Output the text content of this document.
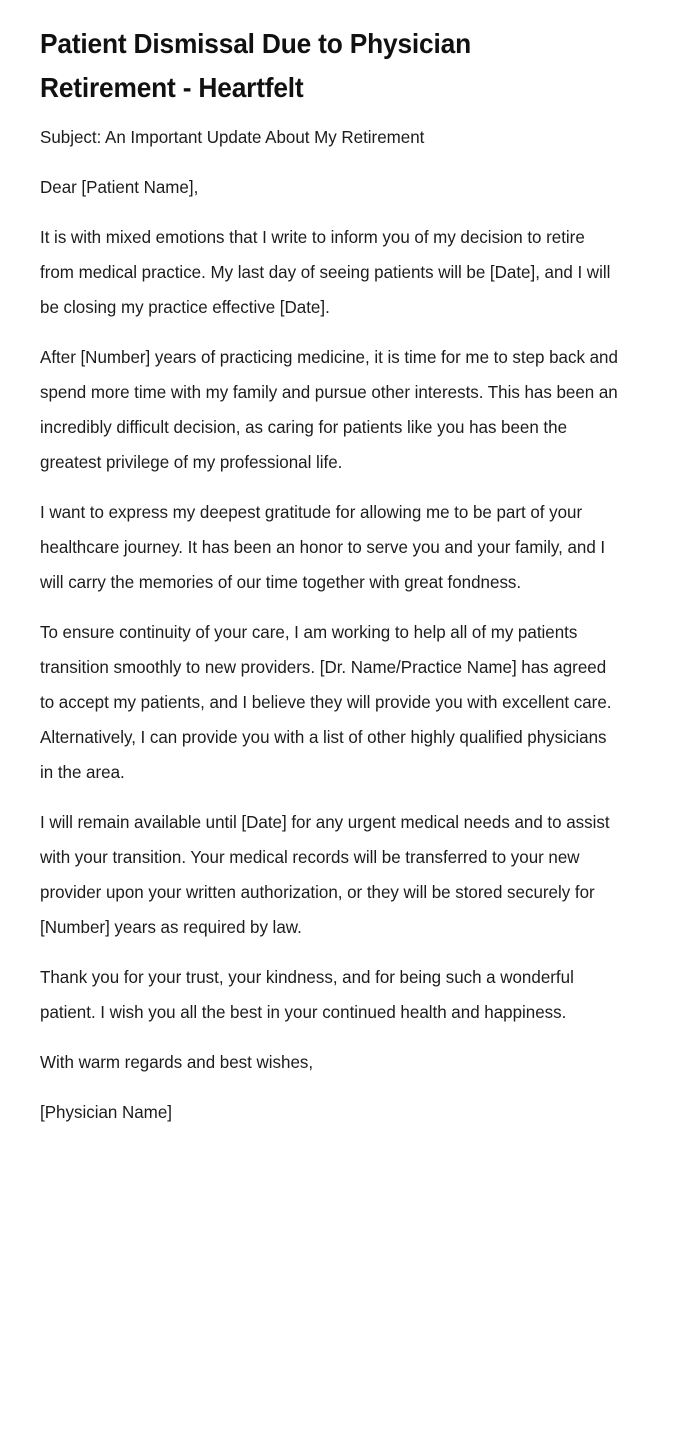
Patient Dismissal Due to Physician Retirement - Heartfelt

Subject: An Important Update About My Retirement

Dear [Patient Name],

It is with mixed emotions that I write to inform you of my decision to retire from medical practice. My last day of seeing patients will be [Date], and I will be closing my practice effective [Date].

After [Number] years of practicing medicine, it is time for me to step back and spend more time with my family and pursue other interests. This has been an incredibly difficult decision, as caring for patients like you has been the greatest privilege of my professional life.

I want to express my deepest gratitude for allowing me to be part of your healthcare journey. It has been an honor to serve you and your family, and I will carry the memories of our time together with great fondness.

To ensure continuity of your care, I am working to help all of my patients transition smoothly to new providers. [Dr. Name/Practice Name] has agreed to accept my patients, and I believe they will provide you with excellent care. Alternatively, I can provide you with a list of other highly qualified physicians in the area.

I will remain available until [Date] for any urgent medical needs and to assist with your transition. Your medical records will be transferred to your new provider upon your written authorization, or they will be stored securely for [Number] years as required by law.

Thank you for your trust, your kindness, and for being such a wonderful patient. I wish you all the best in your continued health and happiness.

With warm regards and best wishes,

[Physician Name]
